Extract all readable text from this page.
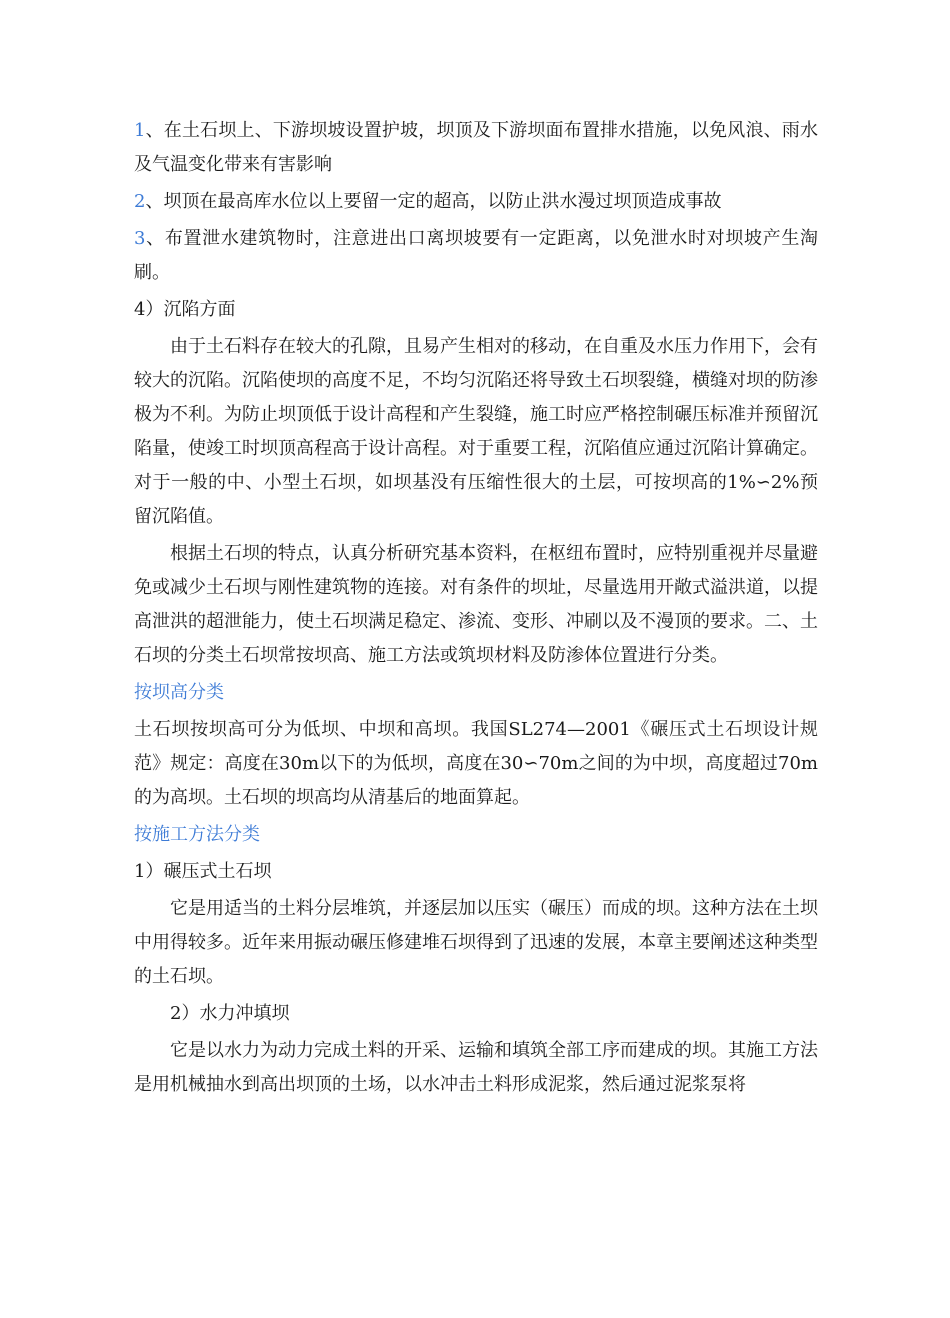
1、在土石坝上、下游坝坡设置护坡，坝顶及下游坝面布置排水措施，以免风浪、雨水及气温变化带来有害影响

2、坝顶在最高库水位以上要留一定的超高，以防止洪水漫过坝顶造成事故

3、布置泄水建筑物时，注意进出口离坝坡要有一定距离，以免泄水时对坝坡产生淘刷。

4）沉陷方面

由于土石料存在较大的孔隙，且易产生相对的移动，在自重及水压力作用下，会有较大的沉陷。沉陷使坝的高度不足，不均匀沉陷还将导致土石坝裂缝，横缝对坝的防渗极为不利。为防止坝顶低于设计高程和产生裂缝，施工时应严格控制碾压标准并预留沉陷量，使竣工时坝顶高程高于设计高程。对于重要工程，沉陷值应通过沉陷计算确定。对于一般的中、小型土石坝，如坝基没有压缩性很大的土层，可按坝高的1%∽2%预留沉陷值。

根据土石坝的特点，认真分析研究基本资料，在枢纽布置时，应特别重视并尽量避免或减少土石坝与刚性建筑物的连接。对有条件的坝址，尽量选用开敞式溢洪道，以提高泄洪的超泄能力，使土石坝满足稳定、渗流、变形、冲刷以及不漫顶的要求。二、土石坝的分类土石坝常按坝高、施工方法或筑坝材料及防渗体位置进行分类。

按坝高分类

土石坝按坝高可分为低坝、中坝和高坝。我国SL274—2001《碾压式土石坝设计规范》规定：高度在30m以下的为低坝，高度在30∽70m之间的为中坝，高度超过70m的为高坝。土石坝的坝高均从清基后的地面算起。

按施工方法分类

1）碾压式土石坝

它是用适当的土料分层堆筑，并逐层加以压实（碾压）而成的坝。这种方法在土坝中用得较多。近年来用振动碾压修建堆石坝得到了迅速的发展，本章主要阐述这种类型的土石坝。

2）水力冲填坝

它是以水力为动力完成土料的开采、运输和填筑全部工序而建成的坝。其施工方法是用机械抽水到高出坝顶的土场，以水冲击土料形成泥浆，然后通过泥浆泵将
